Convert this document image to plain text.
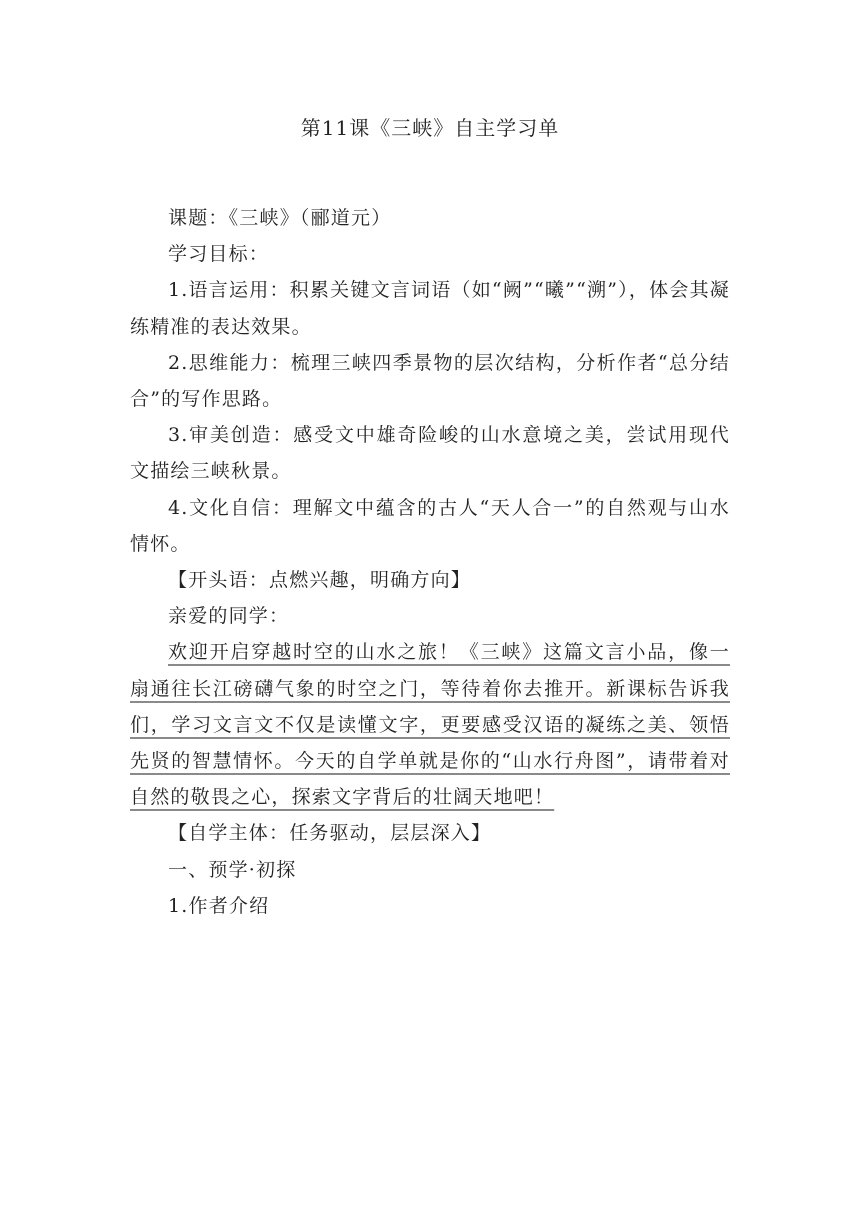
第11课《三峡》自主学习单

课题：《三峡》（郦道元）

学习目标：

1.语言运用：积累关键文言词语（如“阙”“曦”“溯”），体会其凝练精准的表达效果。

2.思维能力：梳理三峡四季景物的层次结构，分析作者“总分结合”的写作思路。

3.审美创造：感受文中雄奇险峻的山水意境之美，尝试用现代文描绘三峡秋景。

4.文化自信：理解文中蕴含的古人“天人合一”的自然观与山水情怀。

【开头语：点燃兴趣，明确方向】

亲爱的同学：

欢迎开启穿越时空的山水之旅！《三峡》这篇文言小品，像一扇通往长江磅礴气象的时空之门，等待着你去推开。新课标告诉我们，学习文言文不仅是读懂文字，更要感受汉语的凝练之美、领悟先贤的智慧情怀。今天的自学单就是你的“山水行舟图”，请带着对自然的敬畏之心，探索文字背后的壮阔天地吧！

【自学主体：任务驱动，层层深入】

一、预学·初探

1.作者介绍
